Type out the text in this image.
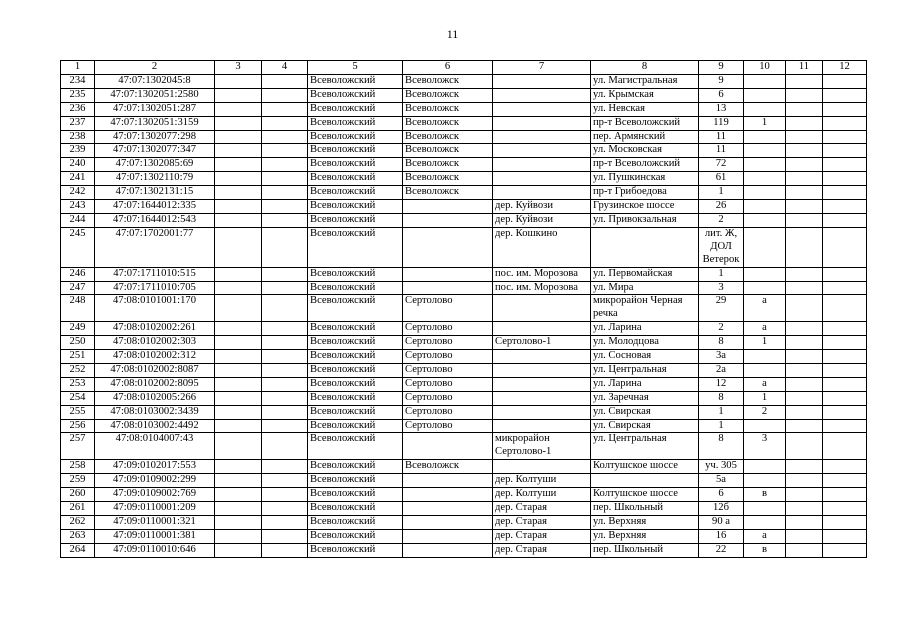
11
1	2	3	4	5	6	7	8	9	10	11	12
234	47:07:1302045:8			Всеволожский	Всеволожск		ул. Магистральная	9			
235	47:07:1302051:2580			Всеволожский	Всеволожск		ул. Крымская	6			
236	47:07:1302051:287			Всеволожский	Всеволожск		ул. Невская	13			
237	47:07:1302051:3159			Всеволожский	Всеволожск		пр-т Всеволожский	119	1		
238	47:07:1302077:298			Всеволожский	Всеволожск		пер. Армянский	11			
239	47:07:1302077:347			Всеволожский	Всеволожск		ул. Московская	11			
240	47:07:1302085:69			Всеволожский	Всеволожск		пр-т Всеволожский	72			
241	47:07:1302110:79			Всеволожский	Всеволожск		ул. Пушкинская	61			
242	47:07:1302131:15			Всеволожский	Всеволожск		пр-т Грибоедова	1			
243	47:07:1644012:335			Всеволожский		дер. Куйвози	Грузинское шоссе	26			
244	47:07:1644012:543			Всеволожский		дер. Куйвози	ул. Привокзальная	2			
245	47:07:1702001:77			Всеволожский		дер. Кошкино		лит. Ж, ДОЛ Ветерок			
246	47:07:1711010:515			Всеволожский		пос. им. Морозова	ул. Первомайская	1			
247	47:07:1711010:705			Всеволожский		пос. им. Морозова	ул. Мира	3			
248	47:08:0101001:170			Всеволожский	Сертолово		микрорайон Черная речка	29	а		
249	47:08:0102002:261			Всеволожский	Сертолово		ул. Ларина	2	а		
250	47:08:0102002:303			Всеволожский	Сертолово	Сертолово-1	ул. Молодцова	8	1		
251	47:08:0102002:312			Всеволожский	Сертолово		ул. Сосновая	3а			
252	47:08:0102002:8087			Всеволожский	Сертолово		ул. Центральная	2а			
253	47:08:0102002:8095			Всеволожский	Сертолово		ул. Ларина	12	а		
254	47:08:0102005:266			Всеволожский	Сертолово		ул. Заречная	8	1		
255	47:08:0103002:3439			Всеволожский	Сертолово		ул. Свирская	1	2		
256	47:08:0103002:4492			Всеволожский	Сертолово		ул. Свирская	1			
257	47:08:0104007:43			Всеволожский		микрорайон Сертолово-1	ул. Центральная	8	3		
258	47:09:0102017:553			Всеволожский	Всеволожск		Колтушское шоссе	уч. 305			
259	47:09:0109002:299			Всеволожский		дер. Колтуши		5а			
260	47:09:0109002:769			Всеволожский		дер. Колтуши	Колтушское шоссе	6	в		
261	47:09:0110001:209			Всеволожский		дер. Старая	пер. Школьный	12б			
262	47:09:0110001:321			Всеволожский		дер. Старая	ул. Верхняя	90 а			
263	47:09:0110001:381			Всеволожский		дер. Старая	ул. Верхняя	16	а		
264	47:09:0110010:646			Всеволожский		дер. Старая	пер. Школьный	22	в		
